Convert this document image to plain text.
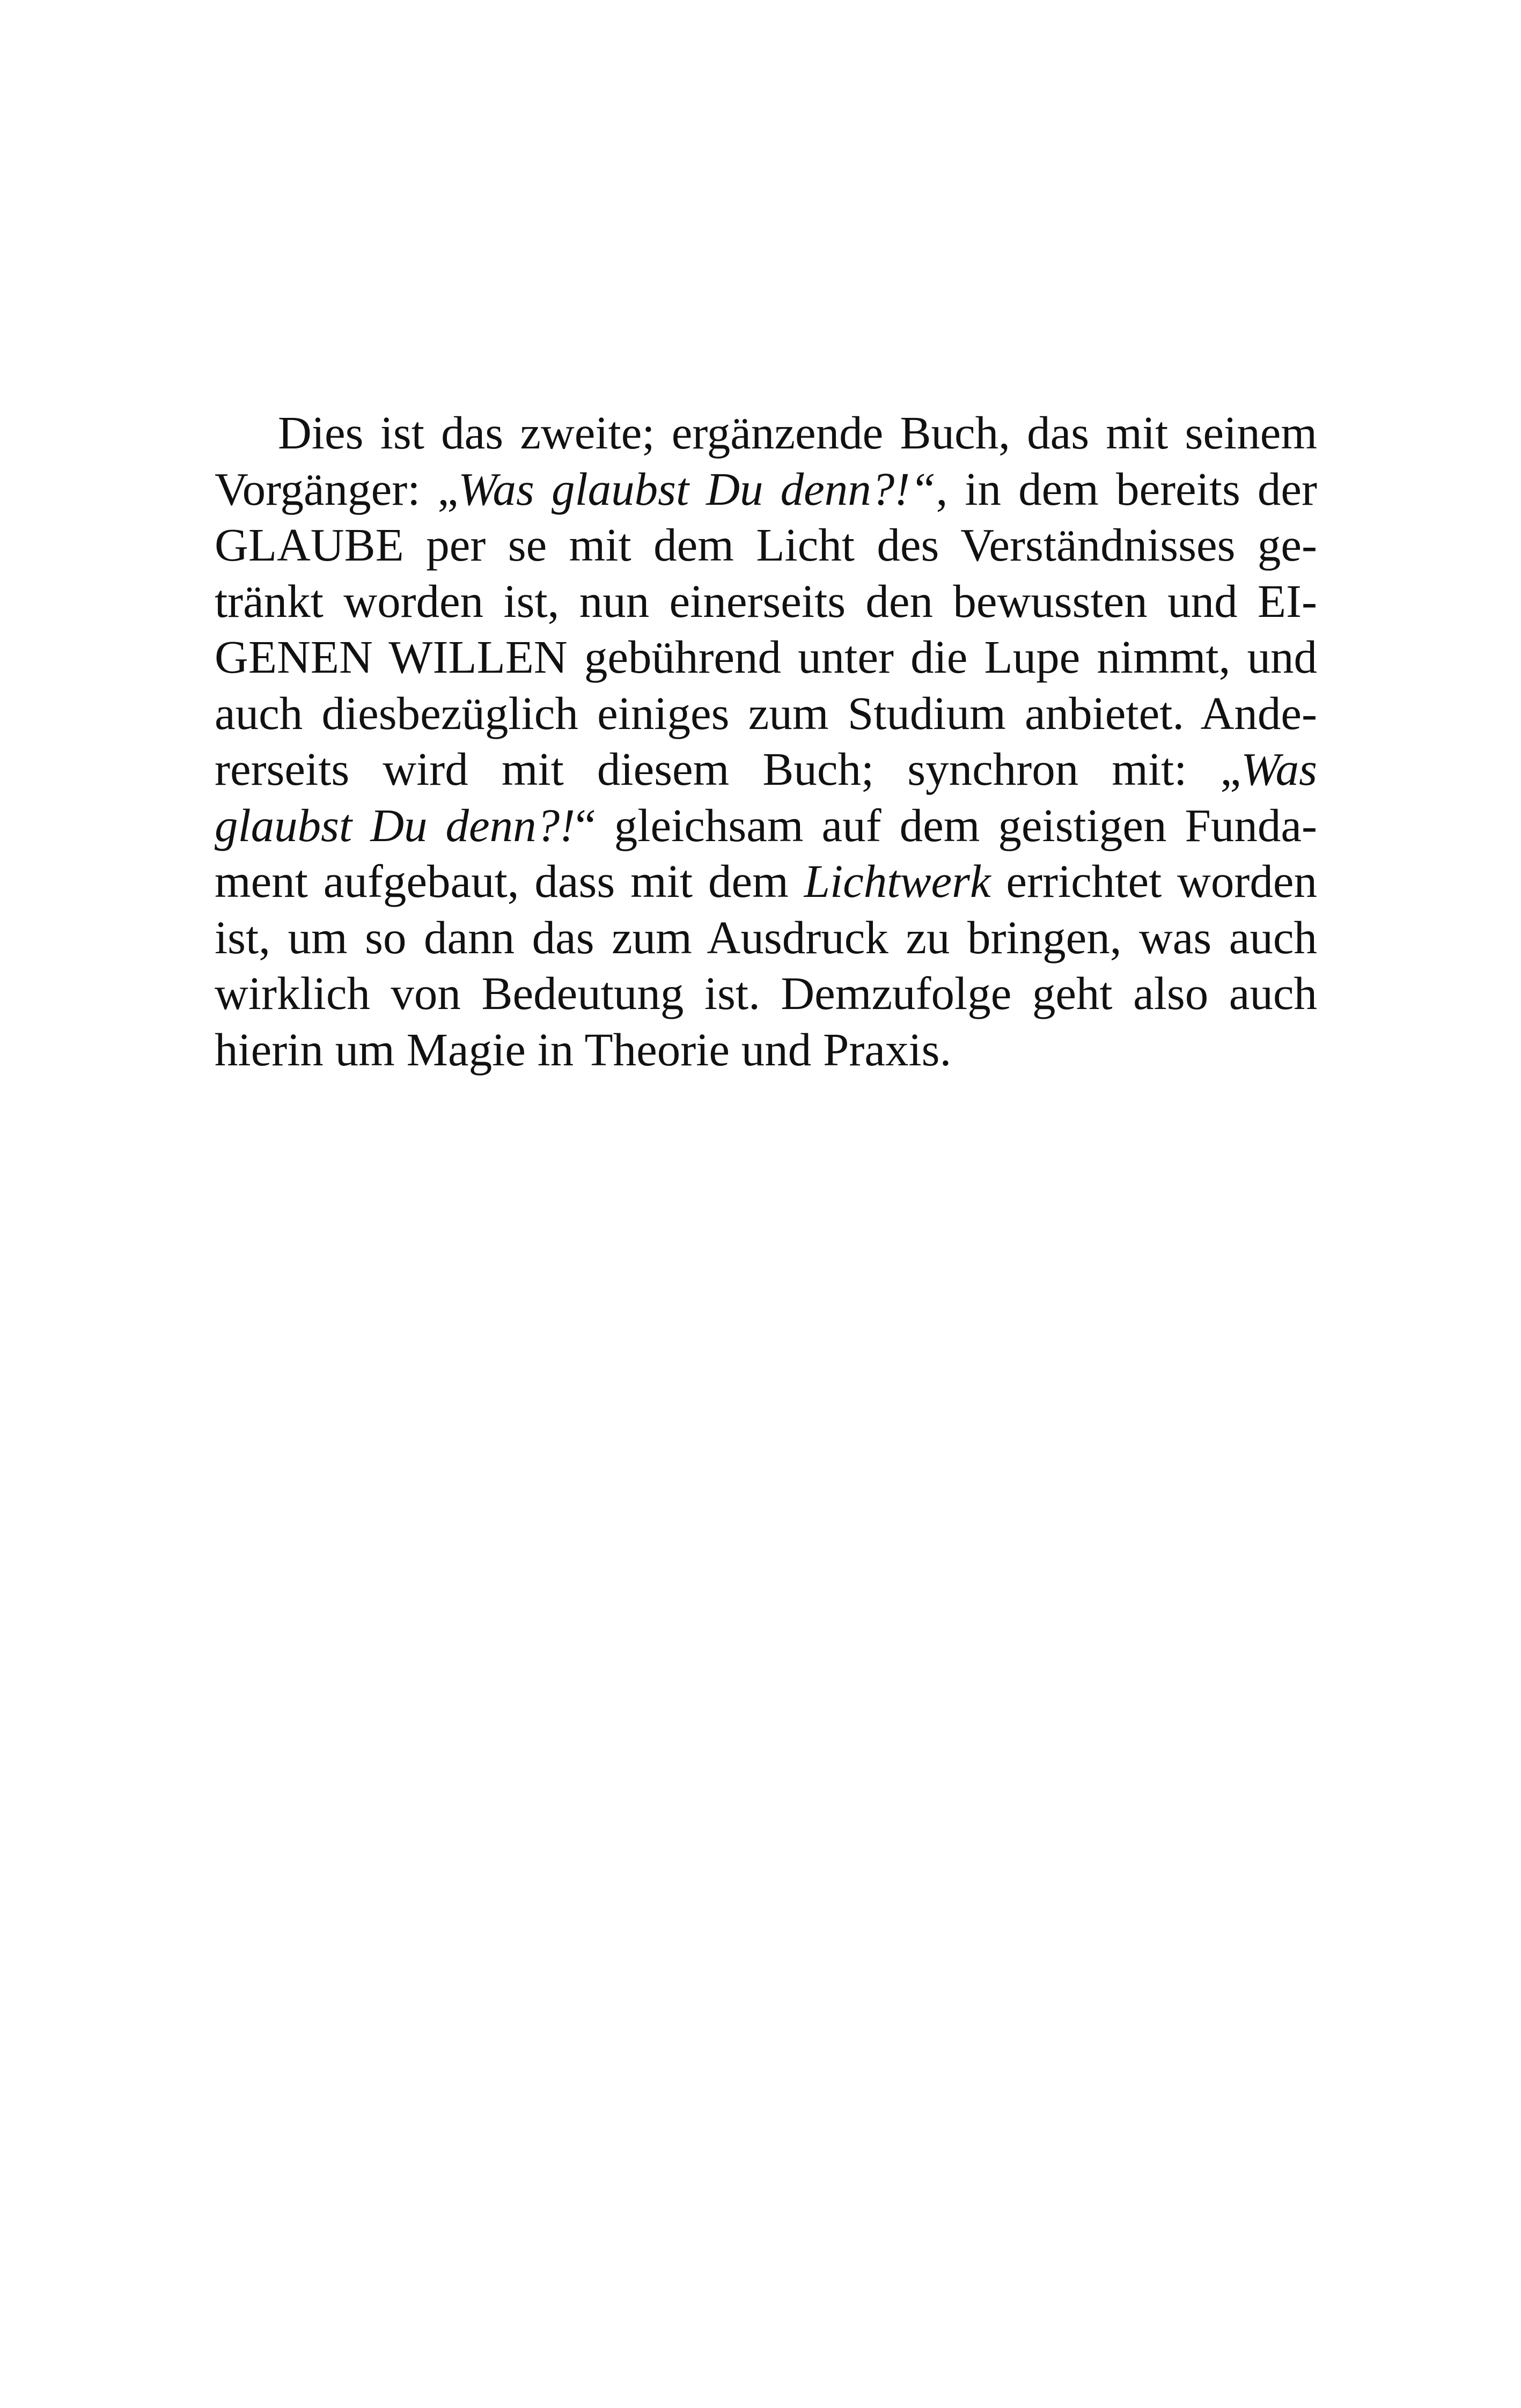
Dies ist das zweite; ergänzende Buch, das mit seinem
Vorgänger: „Was glaubst Du denn?!“, in dem bereits der
GLAUBE per se mit dem Licht des Verständnisses ge-
tränkt worden ist, nun einerseits den bewussten und EI-
GENEN WILLEN gebührend unter die Lupe nimmt, und
auch diesbezüglich einiges zum Studium anbietet. Ande-
rerseits wird mit diesem Buch; synchron mit: „Was
glaubst Du denn?!“ gleichsam auf dem geistigen Funda-
ment aufgebaut, dass mit dem Lichtwerk errichtet worden
ist, um so dann das zum Ausdruck zu bringen, was auch
wirklich von Bedeutung ist. Demzufolge geht also auch
hierin um Magie in Theorie und Praxis.
